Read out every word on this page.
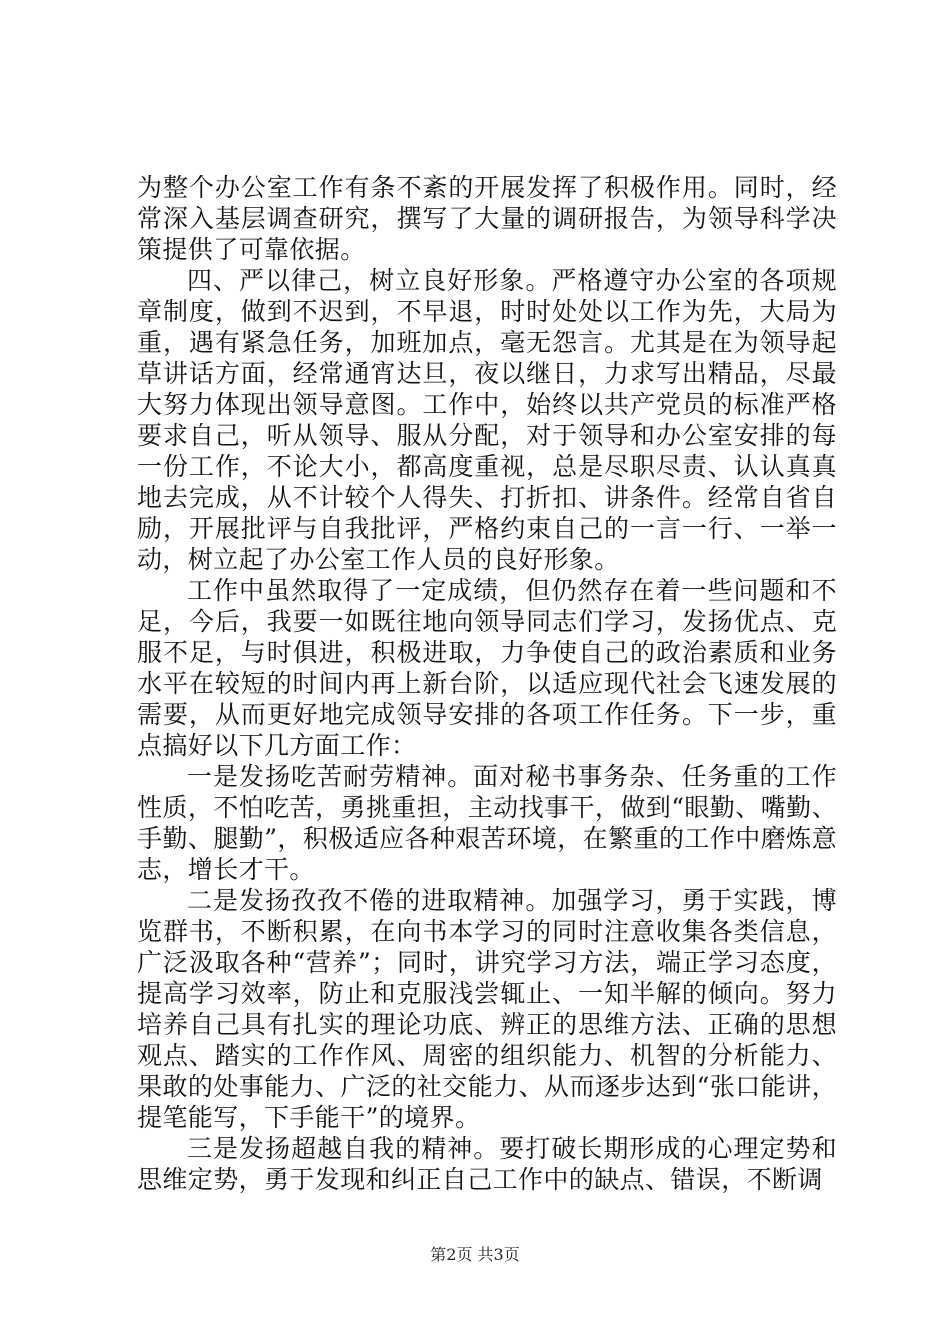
为整个办公室工作有条不紊的开展发挥了积极作用。同时，经常深入基层调查研究，撰写了大量的调研报告，为领导科学决策提供了可靠依据。

四、严以律己，树立良好形象。严格遵守办公室的各项规章制度，做到不迟到，不早退，时时处处以工作为先，大局为重，遇有紧急任务，加班加点，毫无怨言。尤其是在为领导起草讲话方面，经常通宵达旦，夜以继日，力求写出精品，尽最大努力体现出领导意图。工作中，始终以共产党员的标准严格要求自己，听从领导、服从分配，对于领导和办公室安排的每一份工作，不论大小，都高度重视，总是尽职尽责、认认真真地去完成，从不计较个人得失、打折扣、讲条件。经常自省自励，开展批评与自我批评，严格约束自己的一言一行、一举一动，树立起了办公室工作人员的良好形象。

工作中虽然取得了一定成绩，但仍然存在着一些问题和不足，今后，我要一如既往地向领导同志们学习，发扬优点、克服不足，与时俱进，积极进取，力争使自己的政治素质和业务水平在较短的时间内再上新台阶，以适应现代社会飞速发展的需要，从而更好地完成领导安排的各项工作任务。下一步，重点搞好以下几方面工作：

一是发扬吃苦耐劳精神。面对秘书事务杂、任务重的工作性质，不怕吃苦，勇挑重担，主动找事干，做到“眼勤、嘴勤、手勤、腿勤”，积极适应各种艰苦环境，在繁重的工作中磨炼意志，增长才干。

二是发扬孜孜不倦的进取精神。加强学习，勇于实践，博览群书，不断积累，在向书本学习的同时注意收集各类信息，广泛汲取各种“营养”；同时，讲究学习方法，端正学习态度，提高学习效率，防止和克服浅尝辄止、一知半解的倾向。努力培养自己具有扎实的理论功底、辨正的思维方法、正确的思想观点、踏实的工作作风、周密的组织能力、机智的分析能力、果敢的处事能力、广泛的社交能力、从而逐步达到“张口能讲，提笔能写，下手能干”的境界。

三是发扬超越自我的精神。要打破长期形成的心理定势和思维定势，勇于发现和纠正自己工作中的缺点、错误，不断调

第2页 共3页
